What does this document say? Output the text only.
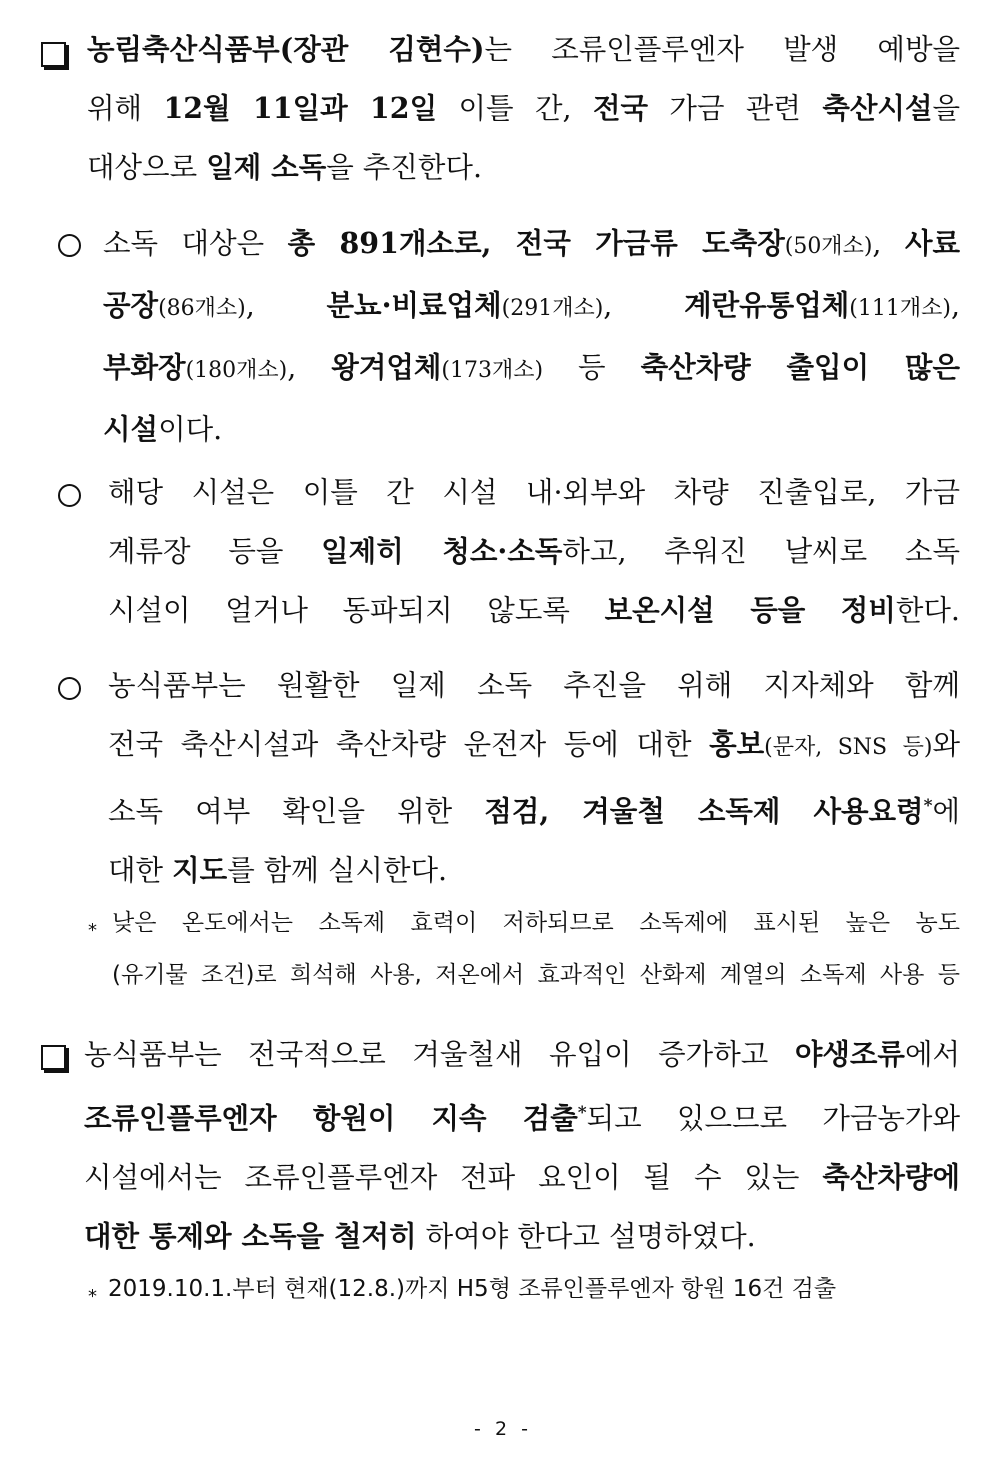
농림축산식품부(장관 김현수)는 조류인플루엔자 발생 예방을
위해 12월 11일과 12일 이틀 간, 전국 가금 관련 축산시설을
대상으로 일제 소독을 추진한다.
소독 대상은 총 891개소로, 전국 가금류 도축장(50개소), 사료
공장(86개소), 분뇨·비료업체(291개소), 계란유통업체(111개소),
부화장(180개소), 왕겨업체(173개소) 등 축산차량 출입이 많은
시설이다.
해당 시설은 이틀 간 시설 내·외부와 차량 진출입로, 가금
계류장 등을 일제히 청소·소독하고, 추워진 날씨로 소독
시설이 얼거나 동파되지 않도록 보온시설 등을 정비한다.
농식품부는 원활한 일제 소독 추진을 위해 지자체와 함께
전국 축산시설과 축산차량 운전자 등에 대한 홍보(문자, SNS 등)와
소독 여부 확인을 위한 점검, 겨울철 소독제 사용요령*에
대한 지도를 함께 실시한다.
* 낮은 온도에서는 소독제 효력이 저하되므로 소독제에 표시된 높은 농도
(유기물 조건)로 희석해 사용, 저온에서 효과적인 산화제 계열의 소독제 사용 등
농식품부는 전국적으로 겨울철새 유입이 증가하고 야생조류에서
조류인플루엔자 항원이 지속 검출*되고 있으므로 가금농가와
시설에서는 조류인플루엔자 전파 요인이 될 수 있는 축산차량에
대한 통제와 소독을 철저히 하여야 한다고 설명하였다.
* 2019.10.1.부터 현재(12.8.)까지 H5형 조류인플루엔자 항원 16건 검출
- 2 -
